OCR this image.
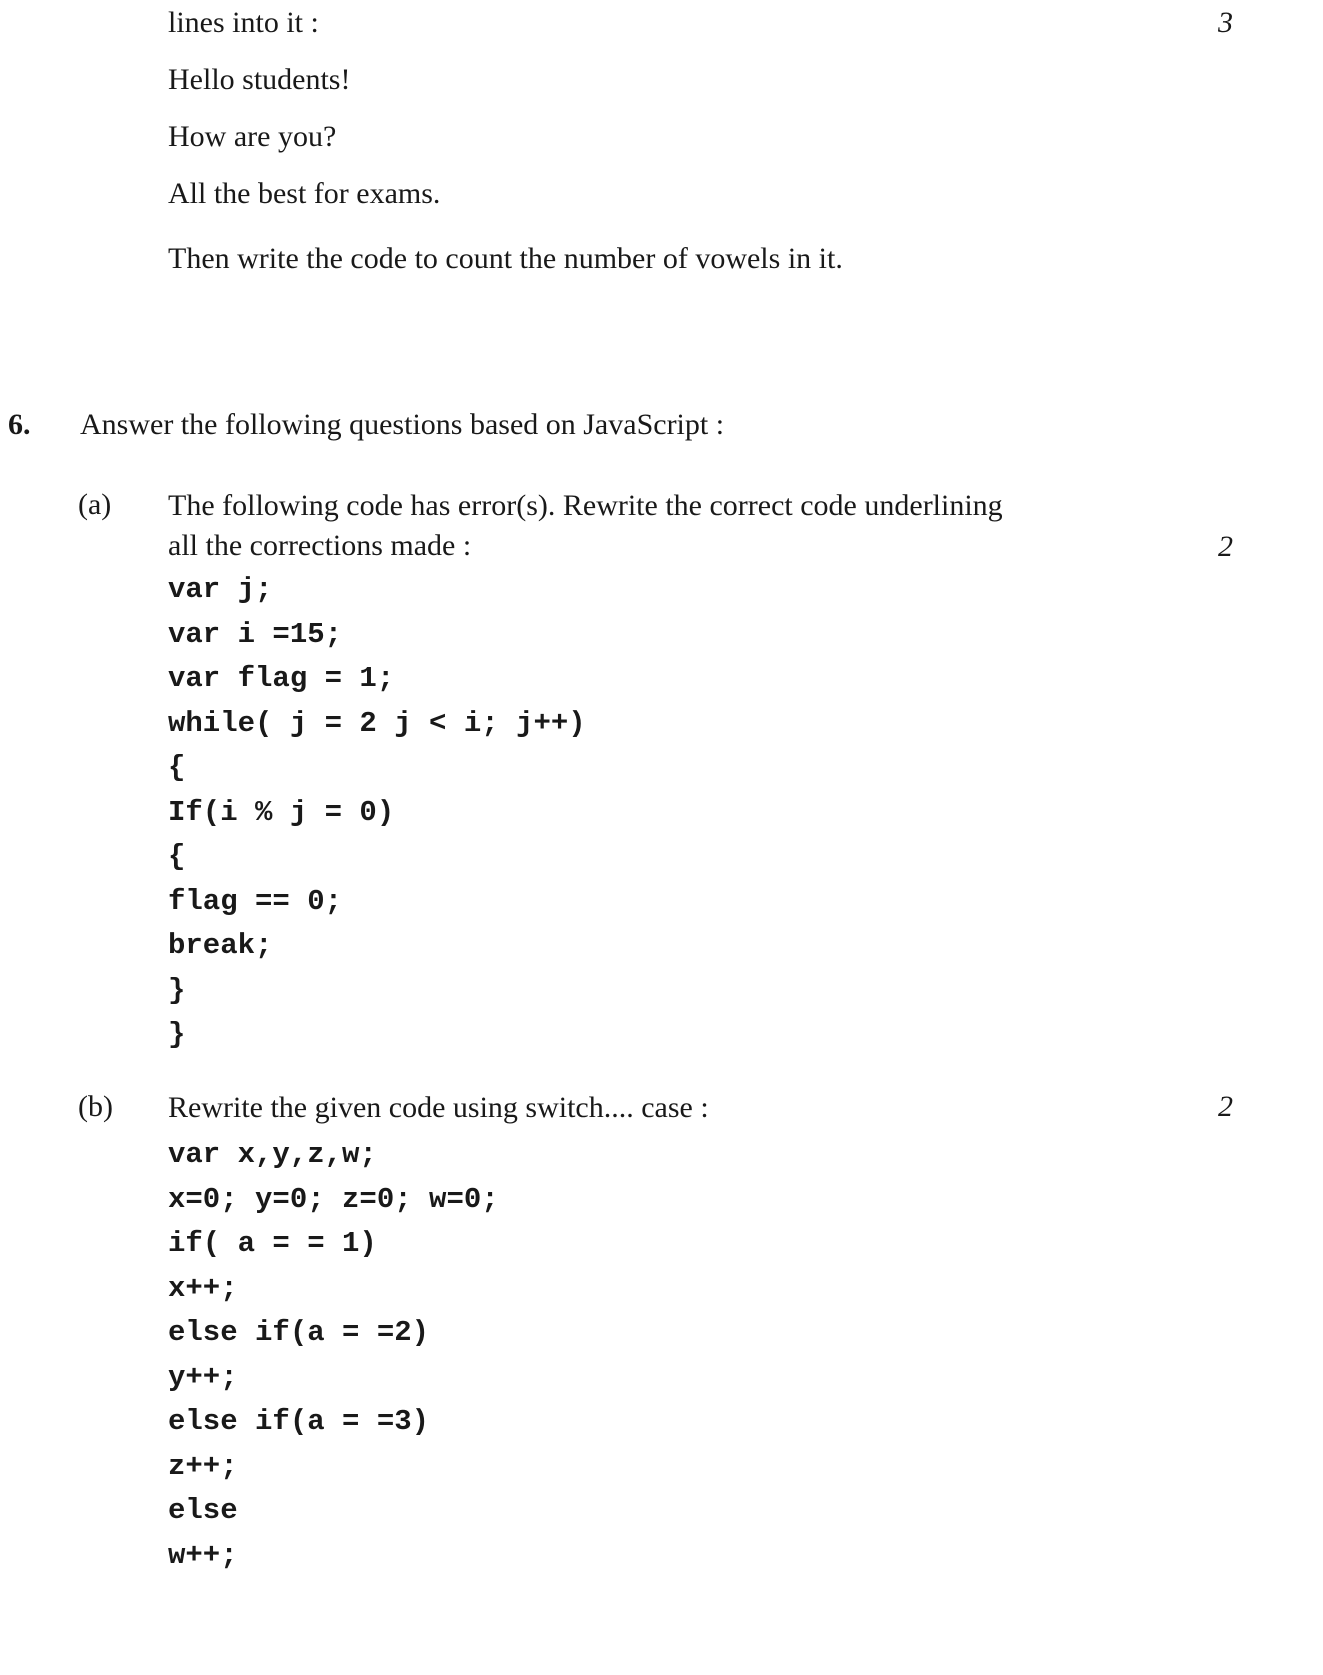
lines into it :
Hello students!
How are you?
All the best for exams.
Then write the code to count the number of vowels in it.
3
6. Answer the following questions based on JavaScript :
(a) The following code has error(s). Rewrite the correct code underlining
all the corrections made :	2
var j;
var i =15;
var flag = 1;
while( j = 2 j < i; j++)
{
If(i % j = 0)
{
flag == 0;
break;
}
}
(b) Rewrite the given code using switch.... case :	2
var x,y,z,w;
x=0; y=0; z=0; w=0;
if( a = = 1)
x++;
else if(a = =2)
y++;
else if(a = =3)
z++;
else
w++;
